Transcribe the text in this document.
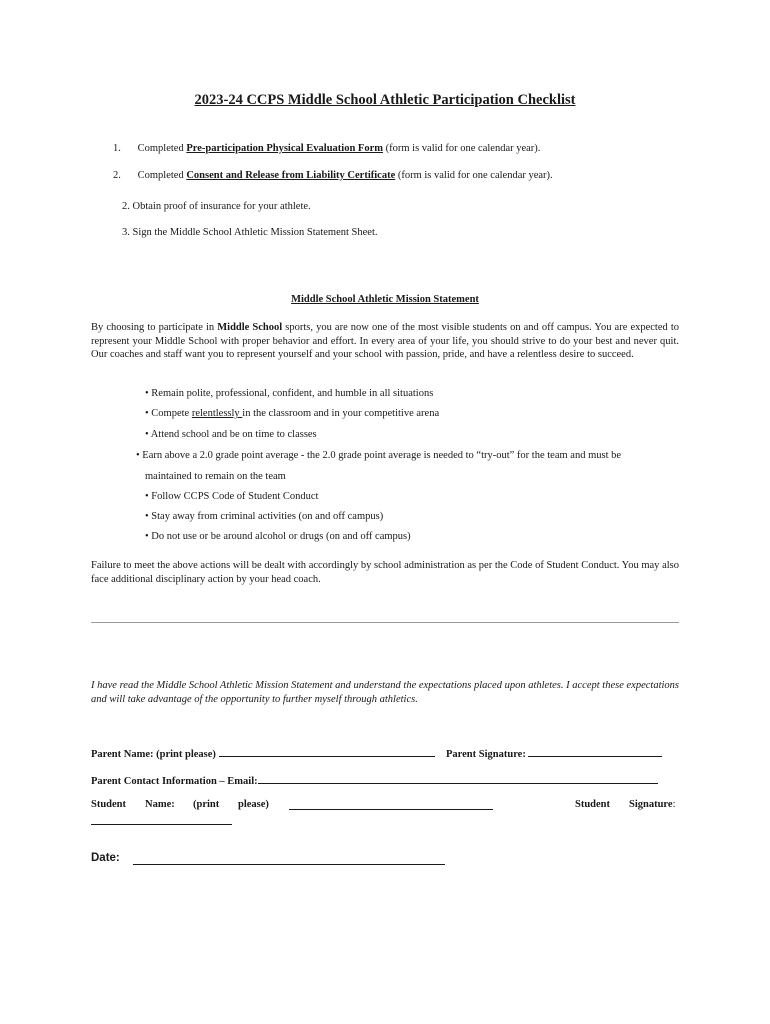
2023-24 CCPS Middle School Athletic Participation Checklist
1. Completed Pre-participation Physical Evaluation Form (form is valid for one calendar year).
2. Completed Consent and Release from Liability Certificate (form is valid for one calendar year).
2. Obtain proof of insurance for your athlete.
3. Sign the Middle School Athletic Mission Statement Sheet.
Middle School Athletic Mission Statement
By choosing to participate in Middle School sports, you are now one of the most visible students on and off campus. You are expected to represent your Middle School with proper behavior and effort. In every area of your life, you should strive to do your best and never quit. Our coaches and staff want you to represent yourself and your school with passion, pride, and have a relentless desire to succeed.
• Remain polite, professional, confident, and humble in all situations
• Compete relentlessly in the classroom and in your competitive arena
• Attend school and be on time to classes
• Earn above a 2.0 grade point average - the 2.0 grade point average is needed to “try-out” for the team and must be
maintained to remain on the team
• Follow CCPS Code of Student Conduct
• Stay away from criminal activities (on and off campus)
• Do not use or be around alcohol or drugs (on and off campus)
Failure to meet the above actions will be dealt with accordingly by school administration as per the Code of Student Conduct. You may also face additional disciplinary action by your head coach.
I have read the Middle School Athletic Mission Statement and understand the expectations placed upon athletes. I accept these expectations and will take advantage of the opportunity to further myself through athletics.
Parent Name: (print please)	Parent Signature:
Parent Contact Information – Email:
Student Name: (print please)	Student Signature:
Date:
